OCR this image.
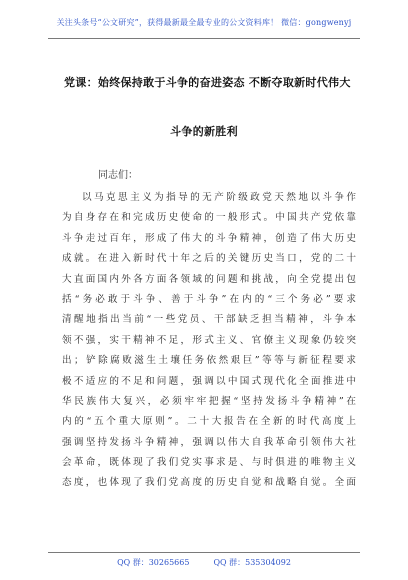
关注头条号“公文研究”，获得最新最全最专业的公文资料库！ 微信：gongwenyj
党课：始终保持敢于斗争的奋进姿态 不断夺取新时代伟大
斗争的新胜利
同志们：
以马克思主义为指导的无产阶级政党天然地以斗争作
为自身存在和完成历史使命的一般形式。中国共产党依靠
斗争走过百年，形成了伟大的斗争精神，创造了伟大历史
成就。在进入新时代十年之后的关键历史当口，党的二十
大直面国内外各方面各领域的问题和挑战，向全党提出包
括“务必敢于斗争、善于斗争”在内的“三个务必”要求
清醒地指出当前“一些党员、干部缺乏担当精神，斗争本
领不强，实干精神不足，形式主义、官僚主义现象仍较突
出；铲除腐败滋生土壤任务依然艰巨”等等与新征程要求
极不适应的不足和问题，强调以中国式现代化全面推进中
华民族伟大复兴，必须牢牢把握“坚持发扬斗争精神”在
内的“五个重大原则”。二十大报告在全新的时代高度上
强调坚持发扬斗争精神，强调以伟大自我革命引领伟大社
会革命，既体现了我们党实事求是、与时俱进的唯物主义
态度，也体现了我们党高度的历史自觉和战略自觉。全面
QQ 群：30265665	QQ 群：535304092
